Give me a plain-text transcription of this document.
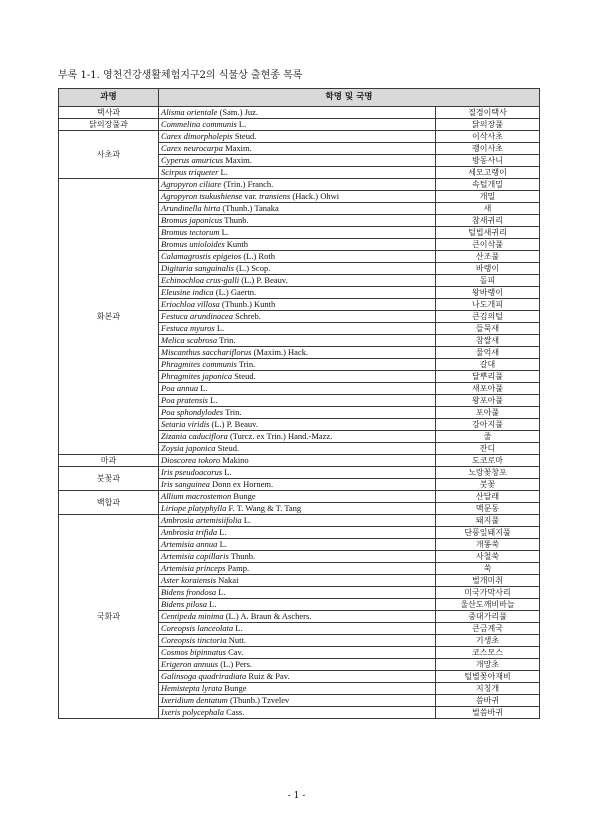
부록 1-1. 영천건강생활체험지구2의 식물상 출현종 목록
과명	학명 및 국명	
택사과	Alisma orientale (Sam.) Juz.	질경이택사
닭의장풀과	Commelina communis L.	닭의장풀
사초과	Carex dimorpholepis Steud.	이삭사초
	Carex neurocarpa Maxim.	괭이사초
	Cyperus amuricus Maxim.	방동사니
	Scirpus triqueter L.	세모고랭이
화본과	Agropyron ciliare (Trin.) Franch.	속털개밀
	Agropyron tsukushiense var. transiens (Hack.) Ohwi	개밀
	Arundinella hirta (Thunb.) Tanaka	새
	Bromus japonicus Thunb.	참새귀리
	Bromus tectorum L.	털빕새귀리
	Bromus unioloides Kunth	큰이삭풀
	Calamagrostis epigeios (L.) Roth	산조풀
	Digitaria sanguinalis (L.) Scop.	바랭이
	Echinochloa crus-galli (L.) P. Beauv.	돌피
	Eleusine indica (L.) Gaertn.	왕바랭이
	Eriochloa villosa (Thunb.) Kunth	나도개피
	Festuca arundinacea Schreb.	큰김의털
	Festuca myuros L.	들묵새
	Melica scabrosa Trin.	참쌀새
	Miscanthus sacchariflorus (Maxim.) Hack.	물억새
	Phragmites communis Trin.	갈대
	Phragmites japonica Steud.	달뿌리풀
	Poa annua L.	새포아풀
	Poa pratensis L.	왕포아풀
	Poa sphondylodes Trin.	포아풀
	Setaria viridis (L.) P. Beauv.	강아지풀
	Zizania caduciflora (Turcz. ex Trin.) Hand.-Mazz.	줄
	Zoysia japonica Steud.	잔디
마과	Dioscorea tokoro Makino	도코로마
붓꽃과	Iris pseudoacorus L.	노랑꽃창포
	Iris sanguinea Donn ex Hornem.	붓꽃
백합과	Allium macrostemon Bunge	산달래
	Liriope platyphylla F. T. Wang & T. Tang	맥문동
국화과	Ambrosia artemisiifolia L.	돼지풀
	Ambrosia trifida L.	단풍잎돼지풀
	Artemisia annua L.	개똥쑥
	Artemisia capillaris Thunb.	사철쑥
	Artemisia princeps Pamp.	쑥
	Aster koraiensis Nakai	벌개미취
	Bidens frondosa L.	미국가막사리
	Bidens pilosa L.	울산도깨비바늘
	Centipeda minima (L.) A. Braun & Aschers.	중대가리풀
	Coreopsis lanceolata L.	큰금계국
	Coreopsis tinctoria Nutt.	기생초
	Cosmos bipinnatus Cav.	코스모스
	Erigeron annuus (L.) Pers.	개망초
	Galinsoga quadriradiata Ruiz & Pav.	털별꽃아재비
	Hemistepta lyrata Bunge	지칭개
	Ixeridium dentatum (Thunb.) Tzvelev	씀바귀
	Ixeris polycephala Cass.	벌씀바귀
- 1 -
